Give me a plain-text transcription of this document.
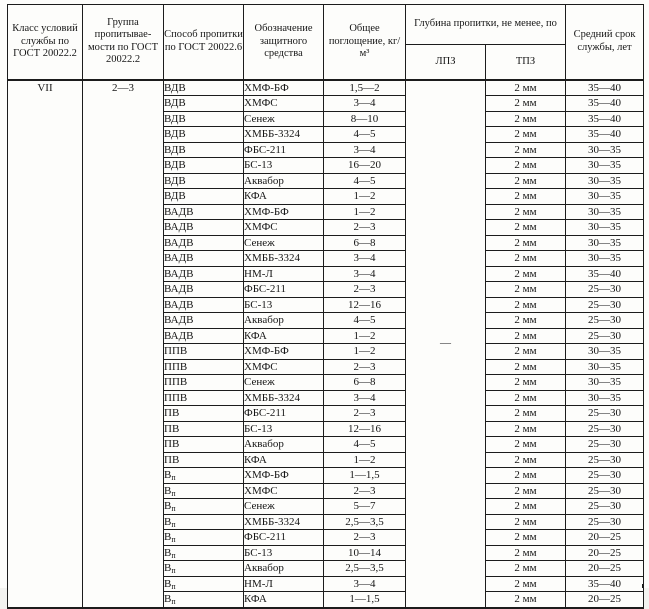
Класс условий службы по ГОСТ 20022.2	Группа пропитывае-мости по ГОСТ 20022.2	Способ пропитки по ГОСТ 20022.6	Обозначение защитного средства	Общее поглощение, кг/м³	Глубина пропитки, не менее, по		Средний срок службы, лет
					ЛПЗ	ТПЗ	
VII	2—3	ВДВ	ХМФ-БФ	1,5—2	—	2 мм	35—40
		ВДВ	ХМФС	3—4		2 мм	35—40
		ВДВ	Сенеж	8—10		2 мм	35—40
		ВДВ	ХМББ-3324	4—5		2 мм	35—40
		ВДВ	ФБС-211	3—4		2 мм	30—35
		ВДВ	БС-13	16—20		2 мм	30—35
		ВДВ	Аквабор	4—5		2 мм	30—35
		ВДВ	КФА	1—2		2 мм	30—35
		ВАДВ	ХМФ-БФ	1—2		2 мм	30—35
		ВАДВ	ХМФС	2—3		2 мм	30—35
		ВАДВ	Сенеж	6—8		2 мм	30—35
		ВАДВ	ХМББ-3324	3—4		2 мм	30—35
		ВАДВ	НМ-Л	3—4		2 мм	35—40
		ВАДВ	ФБС-211	2—3		2 мм	25—30
		ВАДВ	БС-13	12—16		2 мм	25—30
		ВАДВ	Аквабор	4—5		2 мм	25—30
		ВАДВ	КФА	1—2		2 мм	25—30
		ППВ	ХМФ-БФ	1—2		2 мм	30—35
		ППВ	ХМФС	2—3		2 мм	30—35
		ППВ	Сенеж	6—8		2 мм	30—35
		ППВ	ХМББ-3324	3—4		2 мм	30—35
		ПВ	ФБС-211	2—3		2 мм	25—30
		ПВ	БС-13	12—16		2 мм	25—30
		ПВ	Аквабор	4—5		2 мм	25—30
		ПВ	КФА	1—2		2 мм	25—30
		$В_п$	ХМФ-БФ	1—1,5		2 мм	25—30
		$В_п$	ХМФС	2—3		2 мм	25—30
		$В_п$	Сенеж	5—7		2 мм	25—30
		$В_п$	ХМББ-3324	2,5—3,5		2 мм	25—30
		$В_п$	ФБС-211	2—3		2 мм	20—25
		$В_п$	БС-13	10—14		2 мм	20—25
		$В_п$	Аквабор	2,5—3,5		2 мм	20—25
		$В_п$	НМ-Л	3—4		2 мм	35—40
		$В_п$	КФА	1—1,5		2 мм	20—25
